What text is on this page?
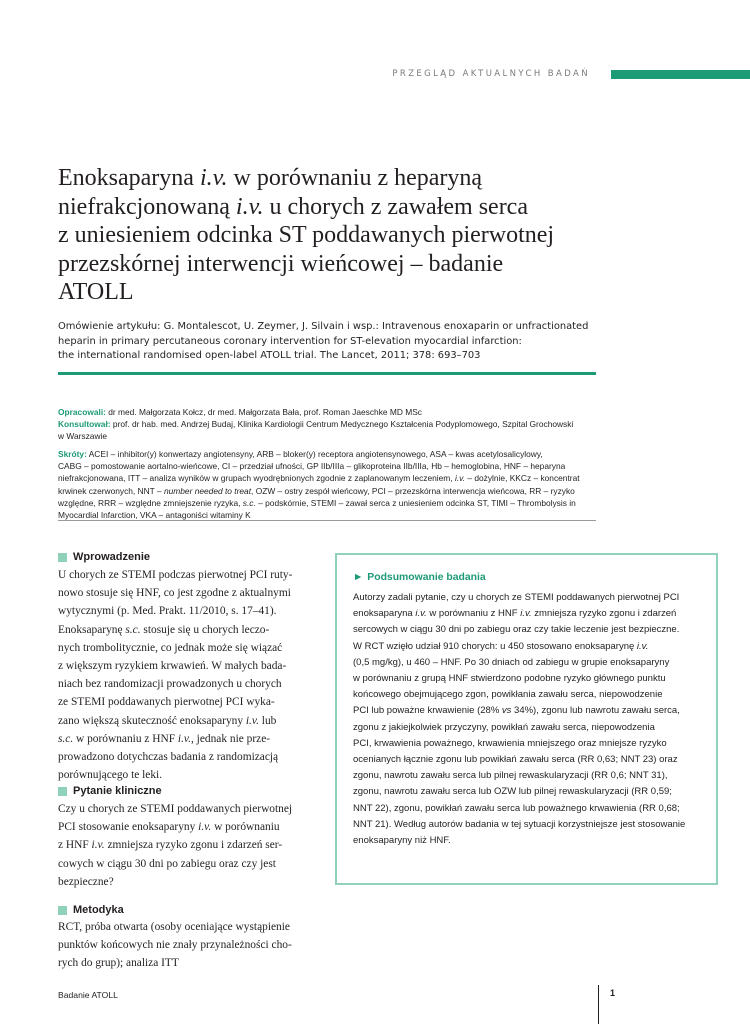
PRZEGLĄD AKTUALNYCH BADAŃ

Enoksaparyna i.v. w porównaniu z heparyną

niefrakcjonowaną i.v. u chorych z zawałem serca

z uniesieniem odcinka ST poddawanych pierwotnej

przezskórnej interwencji wieńcowej – badanie

ATOLL

Omówienie artykułu: G. Montalescot, U. Zeymer, J. Silvain i wsp.: Intravenous enoxaparin or unfractionated
heparin in primary percutaneous coronary intervention for ST-elevation myocardial infarction:
the international randomised open-label ATOLL trial. The Lancet, 2011; 378: 693–703

Opracowali: dr med. Małgorzata Kołcz, dr med. Małgorzata Bała, prof. Roman Jaeschke MD MSc

Konsultował: prof. dr hab. med. Andrzej Budaj, Klinika Kardiologii Centrum Medycznego Kształcenia Podyplomowego, Szpital Grochowski

w Warszawie

Skróty: ACEI – inhibitor(y) konwertazy angiotensyny, ARB – bloker(y) receptora angiotensynowego, ASA – kwas acetylosalicylowy,
CABG – pomostowanie aortalno-wieńcowe, CI – przedział ufności, GP IIb/IIIa – glikoproteina IIb/IIIa, Hb – hemoglobina, HNF – heparyna
niefrakcjonowana, ITT – analiza wyników w grupach wyodrębnionych zgodnie z zaplanowanym leczeniem, i.v. – dożylnie, KKCz – koncentrat
krwinek czerwonych, NNT – number needed to treat, OZW – ostry zespół wieńcowy, PCI – przezskórna interwencja wieńcowa, RR – ryzyko
względne, RRR – względne zmniejszenie ryzyka, s.c. – podskórnie, STEMI – zawał serca z uniesieniem odcinka ST, TIMI – Thrombolysis in
Myocardial Infarction, VKA – antagoniści witaminy K
Wprowadzenie

U chorych ze STEMI podczas pierwotnej PCI ruty-

nowo stosuje się HNF, co jest zgodne z aktualnymi

wytycznymi (p. Med. Prakt. 11/2010, s. 17–41).

Enoksaparynę s.c. stosuje się u chorych leczo-

nych trombolitycznie, co jednak może się wiązać

z większym ryzykiem krwawień. W małych bada-

niach bez randomizacji prowadzonych u chorych

ze STEMI poddawanych pierwotnej PCI wyka-

zano większą skuteczność enoksaparyny i.v. lub

s.c. w porównaniu z HNF i.v., jednak nie prze-

prowadzono dotychczas badania z randomizacją

porównującego te leki.

Pytanie kliniczne

Czy u chorych ze STEMI poddawanych pierwotnej

PCI stosowanie enoksaparyny i.v. w porównaniu

z HNF i.v. zmniejsza ryzyko zgonu i zdarzeń ser-

cowych w ciągu 30 dni po zabiegu oraz czy jest

bezpieczne?

Metodyka

RCT, próba otwarta (osoby oceniające wystąpienie

punktów końcowych nie znały przynależności cho-

rych do grup); analiza ITT

► Podsumowanie badania
Autorzy zadali pytanie, czy u chorych ze STEMI poddawanych pierwotnej PCI
enoksaparyna i.v. w porównaniu z HNF i.v. zmniejsza ryzyko zgonu i zdarzeń
sercowych w ciągu 30 dni po zabiegu oraz czy takie leczenie jest bezpieczne.
W RCT wzięło udział 910 chorych: u 450 stosowano enoksaparynę i.v.
(0,5 mg/kg), u 460 – HNF. Po 30 dniach od zabiegu w grupie enoksaparyny
w porównaniu z grupą HNF stwierdzono podobne ryzyko głównego punktu
końcowego obejmującego zgon, powikłania zawału serca, niepowodzenie
PCI lub poważne krwawienie (28% vs 34%), zgonu lub nawrotu zawału serca,
zgonu z jakiejkolwiek przyczyny, powikłań zawału serca, niepowodzenia
PCI, krwawienia poważnego, krwawienia mniejszego oraz mniejsze ryzyko
ocenianych łącznie zgonu lub powikłań zawału serca (RR 0,63; NNT 23) oraz
zgonu, nawrotu zawału serca lub pilnej rewaskularyzacji (RR 0,6; NNT 31),
zgonu, nawrotu zawału serca lub OZW lub pilnej rewaskularyzacji (RR 0,59;
NNT 22), zgonu, powikłań zawału serca lub poważnego krwawienia (RR 0,68;
NNT 21). Według autorów badania w tej sytuacji korzystniejsze jest stosowanie
enoksaparyny niż HNF.
Badanie ATOLL	1
